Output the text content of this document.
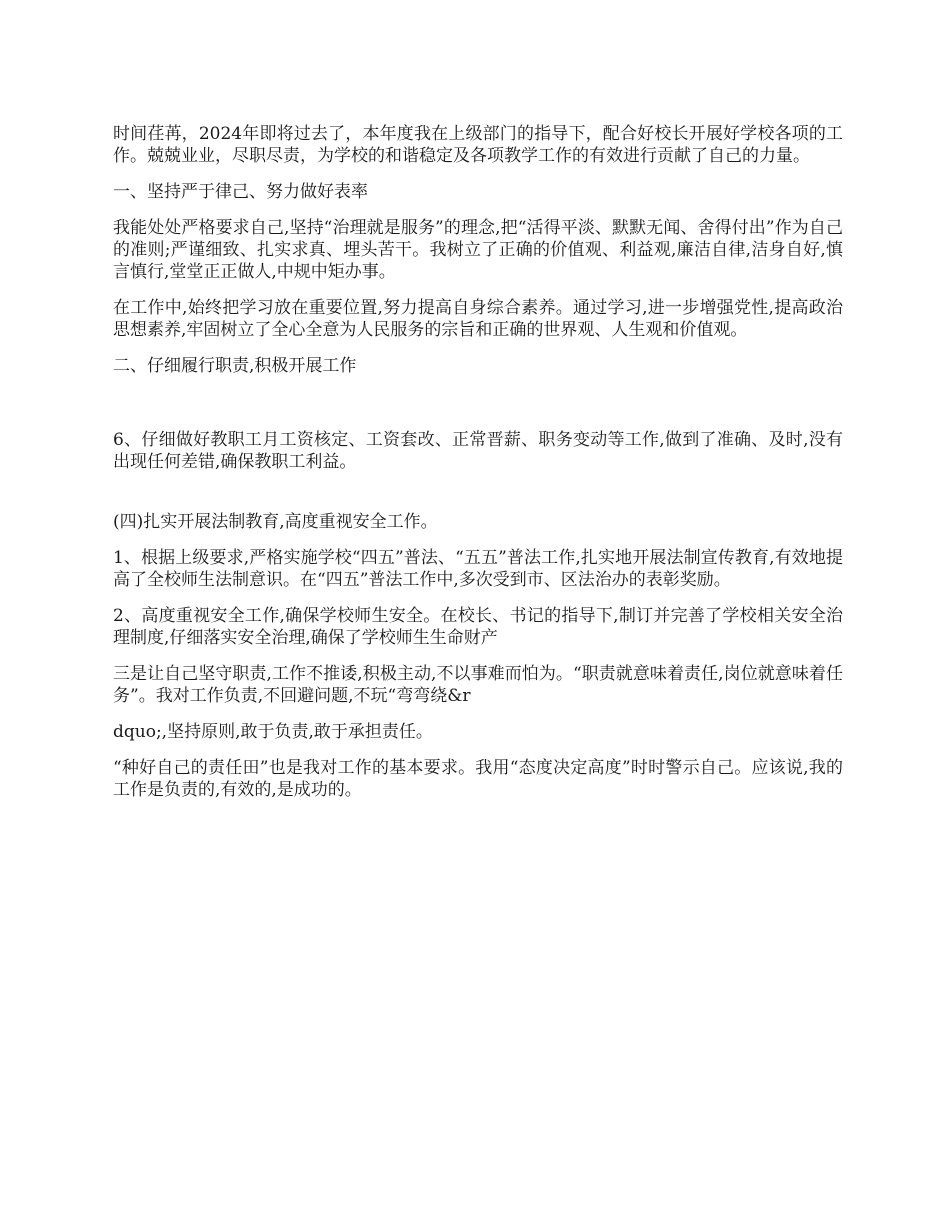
时间荏苒，2024年即将过去了，本年度我在上级部门的指导下，配合好校长开展好学校各项的工作。兢兢业业，尽职尽责，为学校的和谐稳定及各项教学工作的有效进行贡献了自己的力量。

一、坚持严于律己、努力做好表率

我能处处严格要求自己,坚持“治理就是服务”的理念,把“活得平淡、默默无闻、舍得付出”作为自己的准则;严谨细致、扎实求真、埋头苦干。我树立了正确的价值观、利益观,廉洁自律,洁身自好,慎言慎行,堂堂正正做人,中规中矩办事。

在工作中,始终把学习放在重要位置,努力提高自身综合素养。通过学习,进一步增强党性,提高政治思想素养,牢固树立了全心全意为人民服务的宗旨和正确的世界观、人生观和价值观。

二、仔细履行职责,积极开展工作

6、仔细做好教职工月工资核定、工资套改、正常晋薪、职务变动等工作,做到了准确、及时,没有出现任何差错,确保教职工利益。

(四)扎实开展法制教育,高度重视安全工作。

1、根据上级要求,严格实施学校“四五”普法、“五五”普法工作,扎实地开展法制宣传教育,有效地提高了全校师生法制意识。在“四五”普法工作中,多次受到市、区法治办的表彰奖励。

2、高度重视安全工作,确保学校师生安全。在校长、书记的指导下,制订并完善了学校相关安全治理制度,仔细落实安全治理,确保了学校师生生命财产

三是让自己坚守职责,工作不推诿,积极主动,不以事难而怕为。“职责就意味着责任,岗位就意味着任务”。我对工作负责,不回避问题,不玩“弯弯绕&r

dquo;,坚持原则,敢于负责,敢于承担责任。

“种好自己的责任田”也是我对工作的基本要求。我用“态度决定高度”时时警示自己。应该说,我的工作是负责的,有效的,是成功的。
